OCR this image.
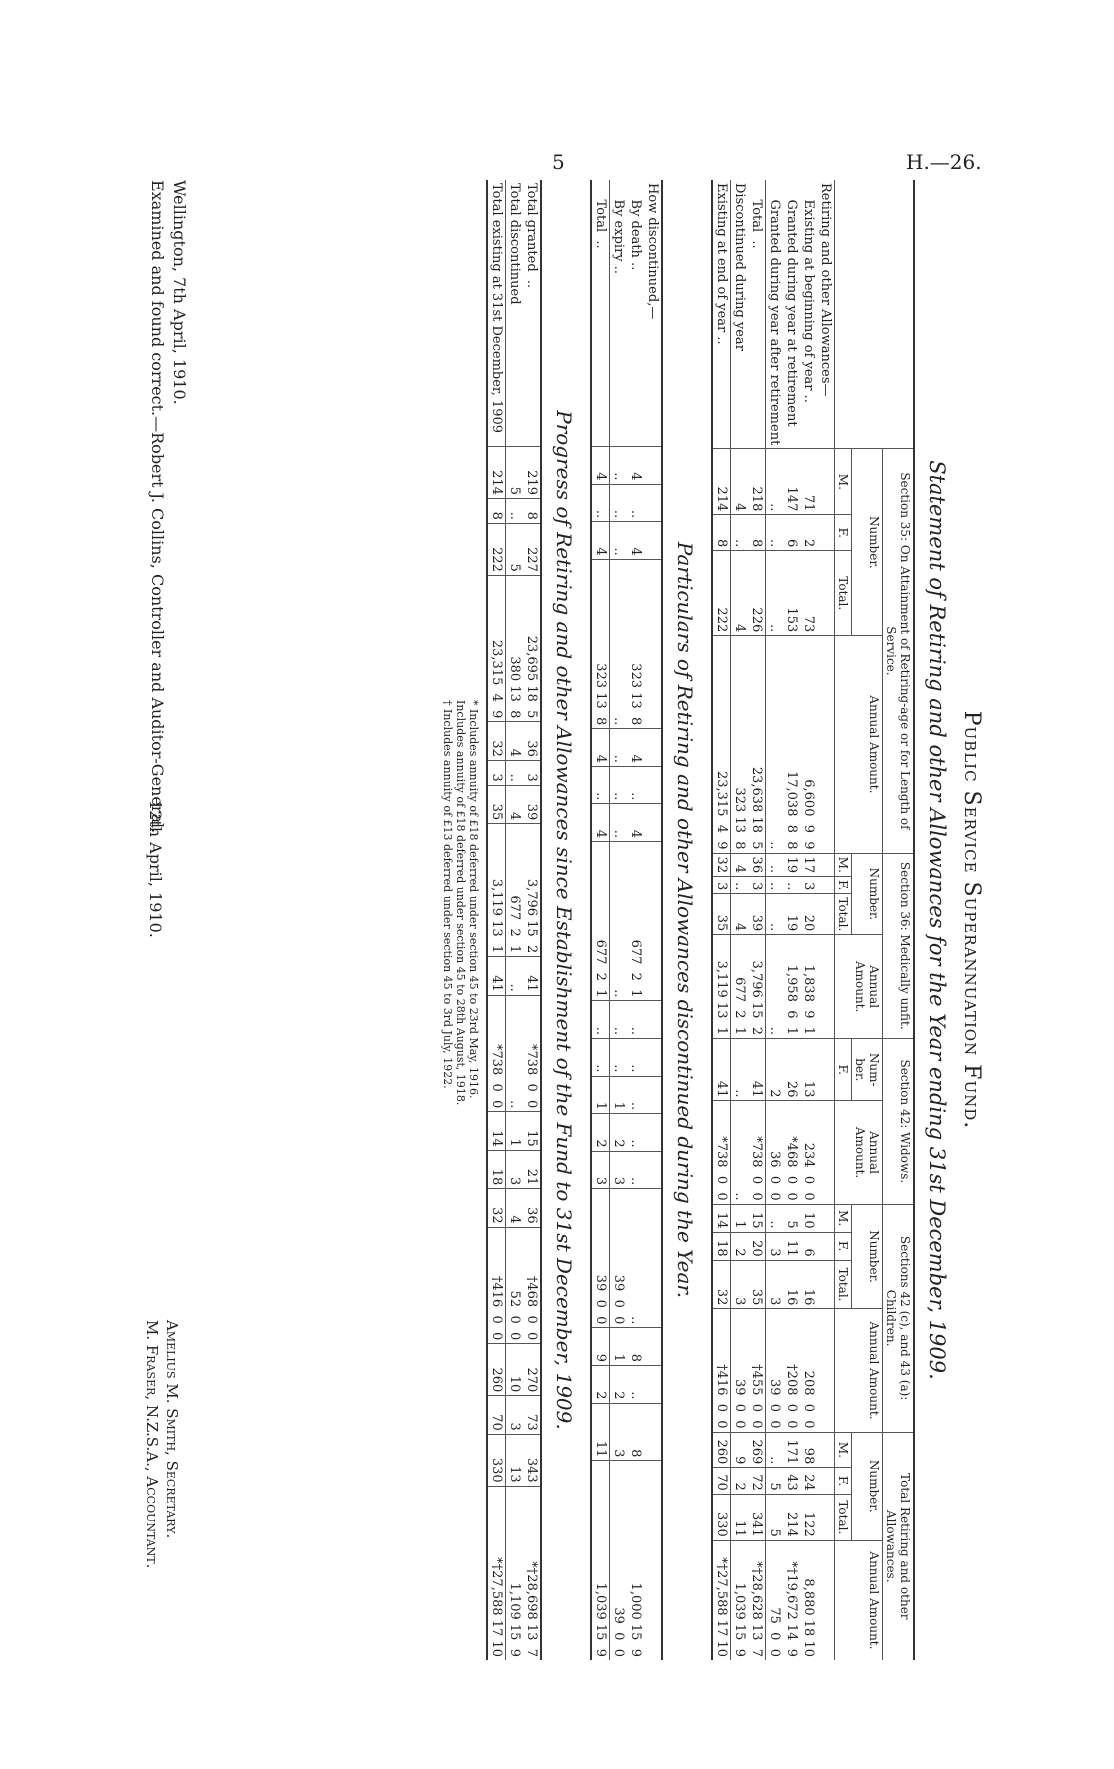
5	H.—26.
Public Service Superannuation Fund.
Statement of Retiring and other Allowances for the Year ending 31st December, 1909.
	Section 35: On Attainment of Retiring-age or for Length of Service.				Section 36: Medically unfit.				Section 42: Widows.		Sections 42 (c), and 43 (a): Children.				Total Retiring and other Allowances.			
	Number.			Annual Amount.	Number.			Annual Amount.	Num-ber.	Annual Amount.	Number.			Annual Amount.	Number.			Annual Amount.
	M.	F.	Total.		M.	F.	Total.		F.		M.	F.	Total.		M.	F.	Total.	
Retiring and other Allowances—																		
Existing at beginning of year ..	71	2	73	6,600  9  9	17	3	20	1,838  9  1	13	234  0  0	10	6	16	208  0  0	98	24	122	8,880 18 10
Granted during year at retirement	147	6	153	17,038  8  8	19	..	19	1,958  6  1	26	*468  0  0	5	11	16	†208  0  0	171	43	214	*†19,672 14  9
Granted during year after retirement	..	..	..	..	..	..	..	..	2	36  0  0	..	3	3	39  0  0	..	5	5	75  0  0
Total  ..	218	8	226	23,638 18  5	36	3	39	3,796 15  2	41	*738  0  0	15	20	35	†455  0  0	269	72	341	*†28,628 13  7
Discontinued during year	4	..	4	323 13  8	4	..	4	677  2  1	..	..	1	2	3	39  0  0	9	2	11	1,039 15  9
Existing at end of year ..	214	8	222	23,315  4  9	32	3	35	3,119 13  1	41	*738  0  0	14	18	32	†416  0  0	260	70	330	*†27,588 17 10
Particulars of Retiring and other Allowances discontinued during the Year.
How discontinued,—																		
By death ..	4	..	4	323 13  8	4	..	4	677  2  1	..	..	..	..	..	..	8	..	8	1,000 15  9
By expiry ..	..	..	..	..	..	..	..	..	..	..	1	2	3	39  0  0	1	2	3	39  0  0
Total  ..	4	..	4	323 13  8	4	..	4	677  2  1	..	..	1	2	3	39  0  0	9	2	11	1,039 15  9
Progress of Retiring and other Allowances since Establishment of the Fund to 31st December, 1909.
Total granted  ..	219	8	227	23,695 18  5	36	3	39	3,796 15  2	41	*738  0  0	15	21	36	†468  0  0	270	73	343	*†28,698 13  7
Total discontinued	5	..	5	380 13  8	4	..	4	677  2  1	..	..	1	3	4	52  0  0	10	3	13	1,109 15  9
Total existing at 31st December, 1909	214	8	222	23,315  4  9	32	3	35	3,119 13  1	41	*738  0  0	14	18	32	†416  0  0	260	70	330	*†27,588 17 10
* Includes annuity of £18 deferred under section 45 to 23rd May, 1916.
Includes annuity of £18 deferred under section 45 to 28th August, 1918.
† Includes annuity of £13 deferred under section 45 to 3rd July, 1922.
Wellington, 7th April, 1910.
Examined and found correct.—Robert J. Collins, Controller and Auditor-General.
12th April, 1910.
Amelius M. Smith, Secretary.
M. Fraser, N.Z.S.A., Accountant.
